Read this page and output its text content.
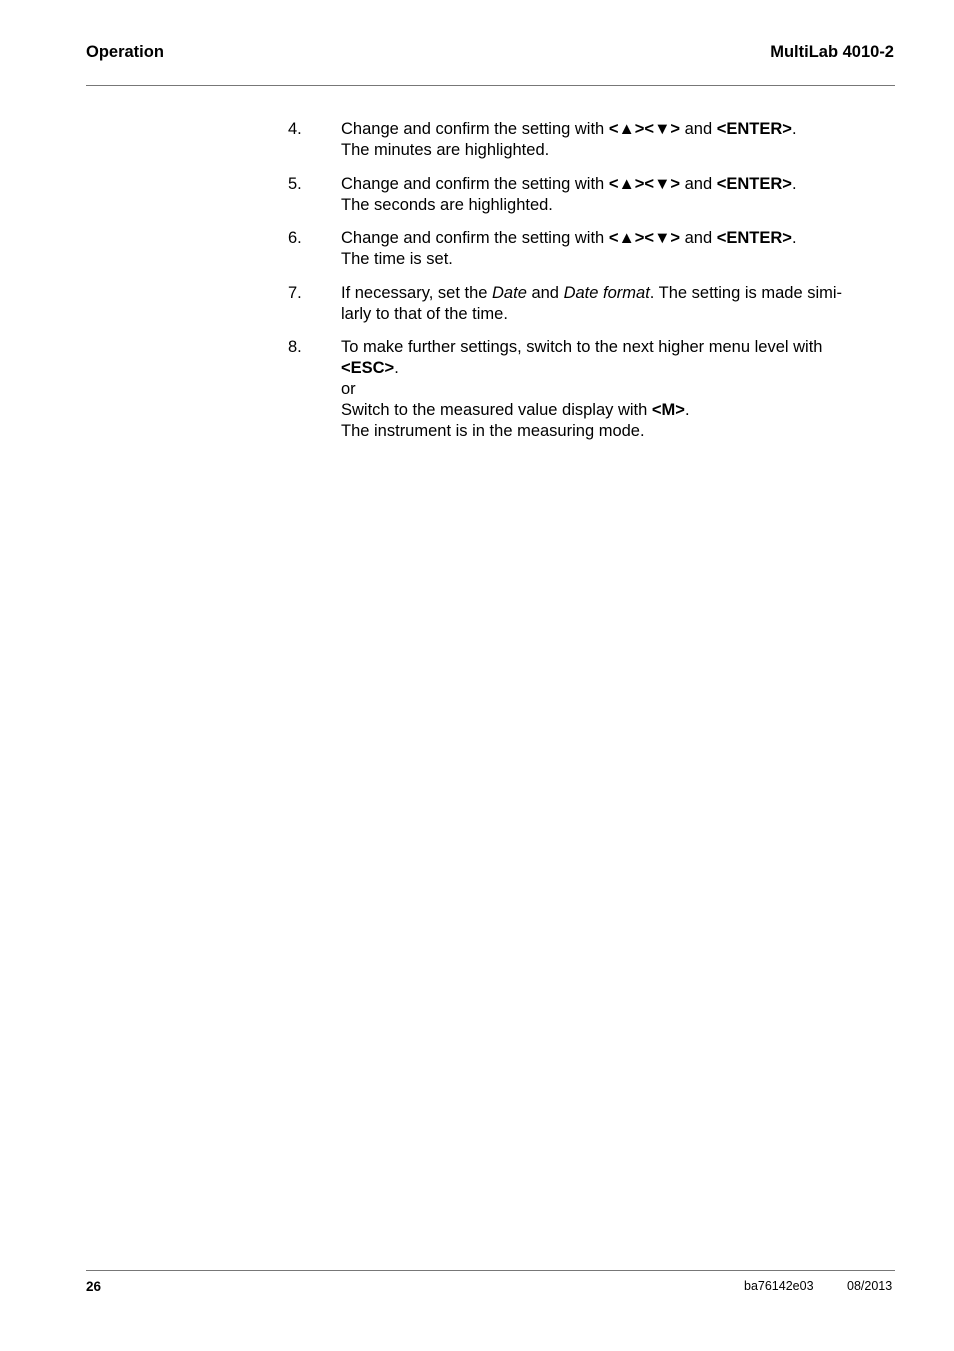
Operation	MultiLab 4010-2
4.	Change and confirm the setting with <▲><▼> and <ENTER>.
The minutes are highlighted.
5.	Change and confirm the setting with <▲><▼> and <ENTER>.
The seconds are highlighted.
6.	Change and confirm the setting with <▲><▼> and <ENTER>.
The time is set.
7.	If necessary, set the Date and Date format. The setting is made simi-
larly to that of the time.
8.	To make further settings, switch to the next higher menu level with
<ESC>.
or
Switch to the measured value display with <M>.
The instrument is in the measuring mode.
26	ba76142e03	08/2013
